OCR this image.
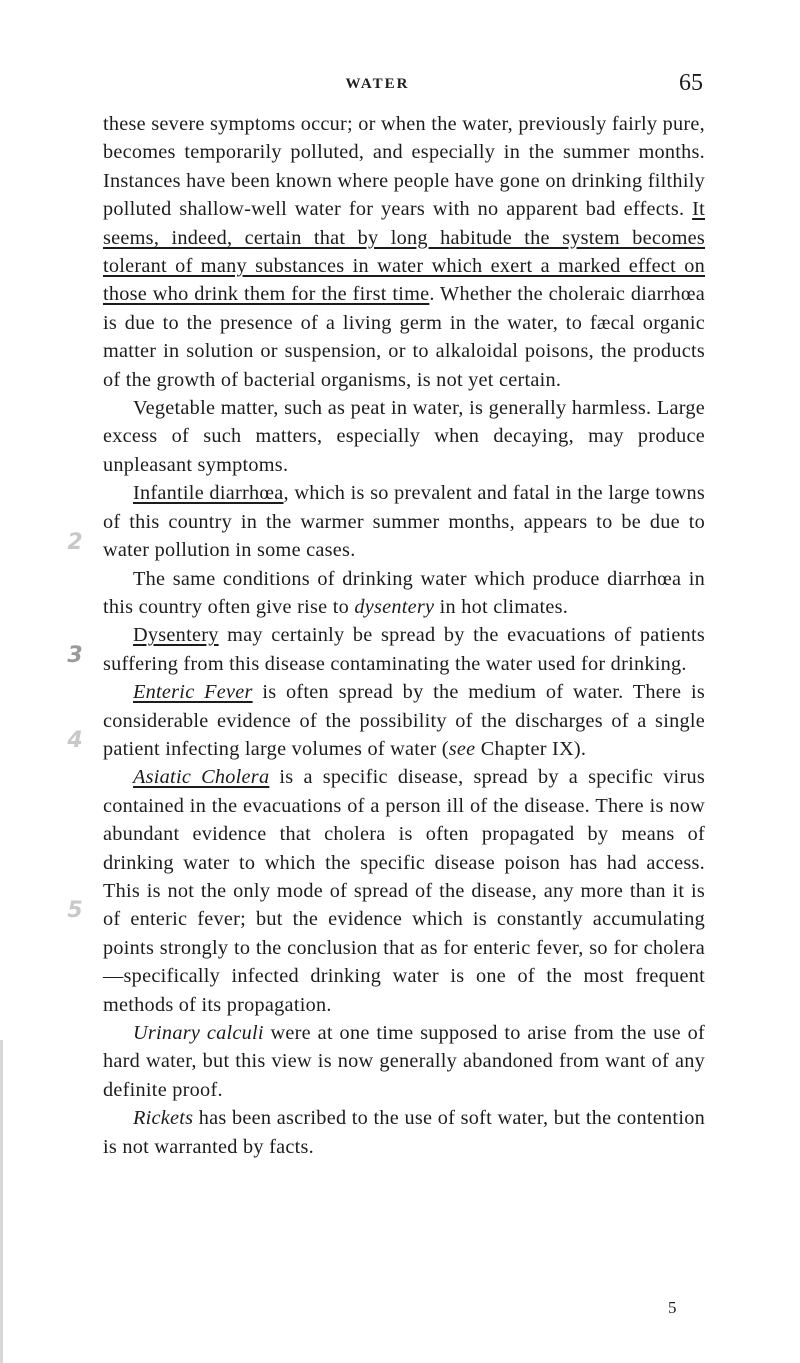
WATER	65
2
3
4
5

these severe symptoms occur; or when the water, previously fairly pure, becomes temporarily polluted, and especially in the summer months. Instances have been known where people have gone on drinking filthily polluted shallow-well water for years with no apparent bad effects. It seems, indeed, certain that by long habitude the system becomes tolerant of many substances in water which exert a marked effect on those who drink them for the first time. Whether the choleraic diarrhœa is due to the presence of a living germ in the water, to fæcal organic matter in solution or suspension, or to alkaloidal poisons, the products of the growth of bacterial organisms, is not yet certain.

Vegetable matter, such as peat in water, is generally harmless. Large excess of such matters, especially when decaying, may produce unpleasant symptoms.

Infantile diarrhœa, which is so prevalent and fatal in the large towns of this country in the warmer summer months, appears to be due to water pollution in some cases.

The same conditions of drinking water which produce diarrhœa in this country often give rise to dysentery in hot climates.

Dysentery may certainly be spread by the evacuations of patients suffering from this disease contaminating the water used for drinking.

Enteric Fever is often spread by the medium of water. There is considerable evidence of the possibility of the discharges of a single patient infecting large volumes of water (see Chapter IX).

Asiatic Cholera is a specific disease, spread by a specific virus contained in the evacuations of a person ill of the disease. There is now abundant evidence that cholera is often propagated by means of drinking water to which the specific disease poison has had access. This is not the only mode of spread of the disease, any more than it is of enteric fever; but the evidence which is constantly accumulating points strongly to the conclusion that as for enteric fever, so for cholera—specifically infected drinking water is one of the most frequent methods of its propagation.

Urinary calculi were at one time supposed to arise from the use of hard water, but this view is now generally abandoned from want of any definite proof.

Rickets has been ascribed to the use of soft water, but the contention is not warranted by facts.

5
